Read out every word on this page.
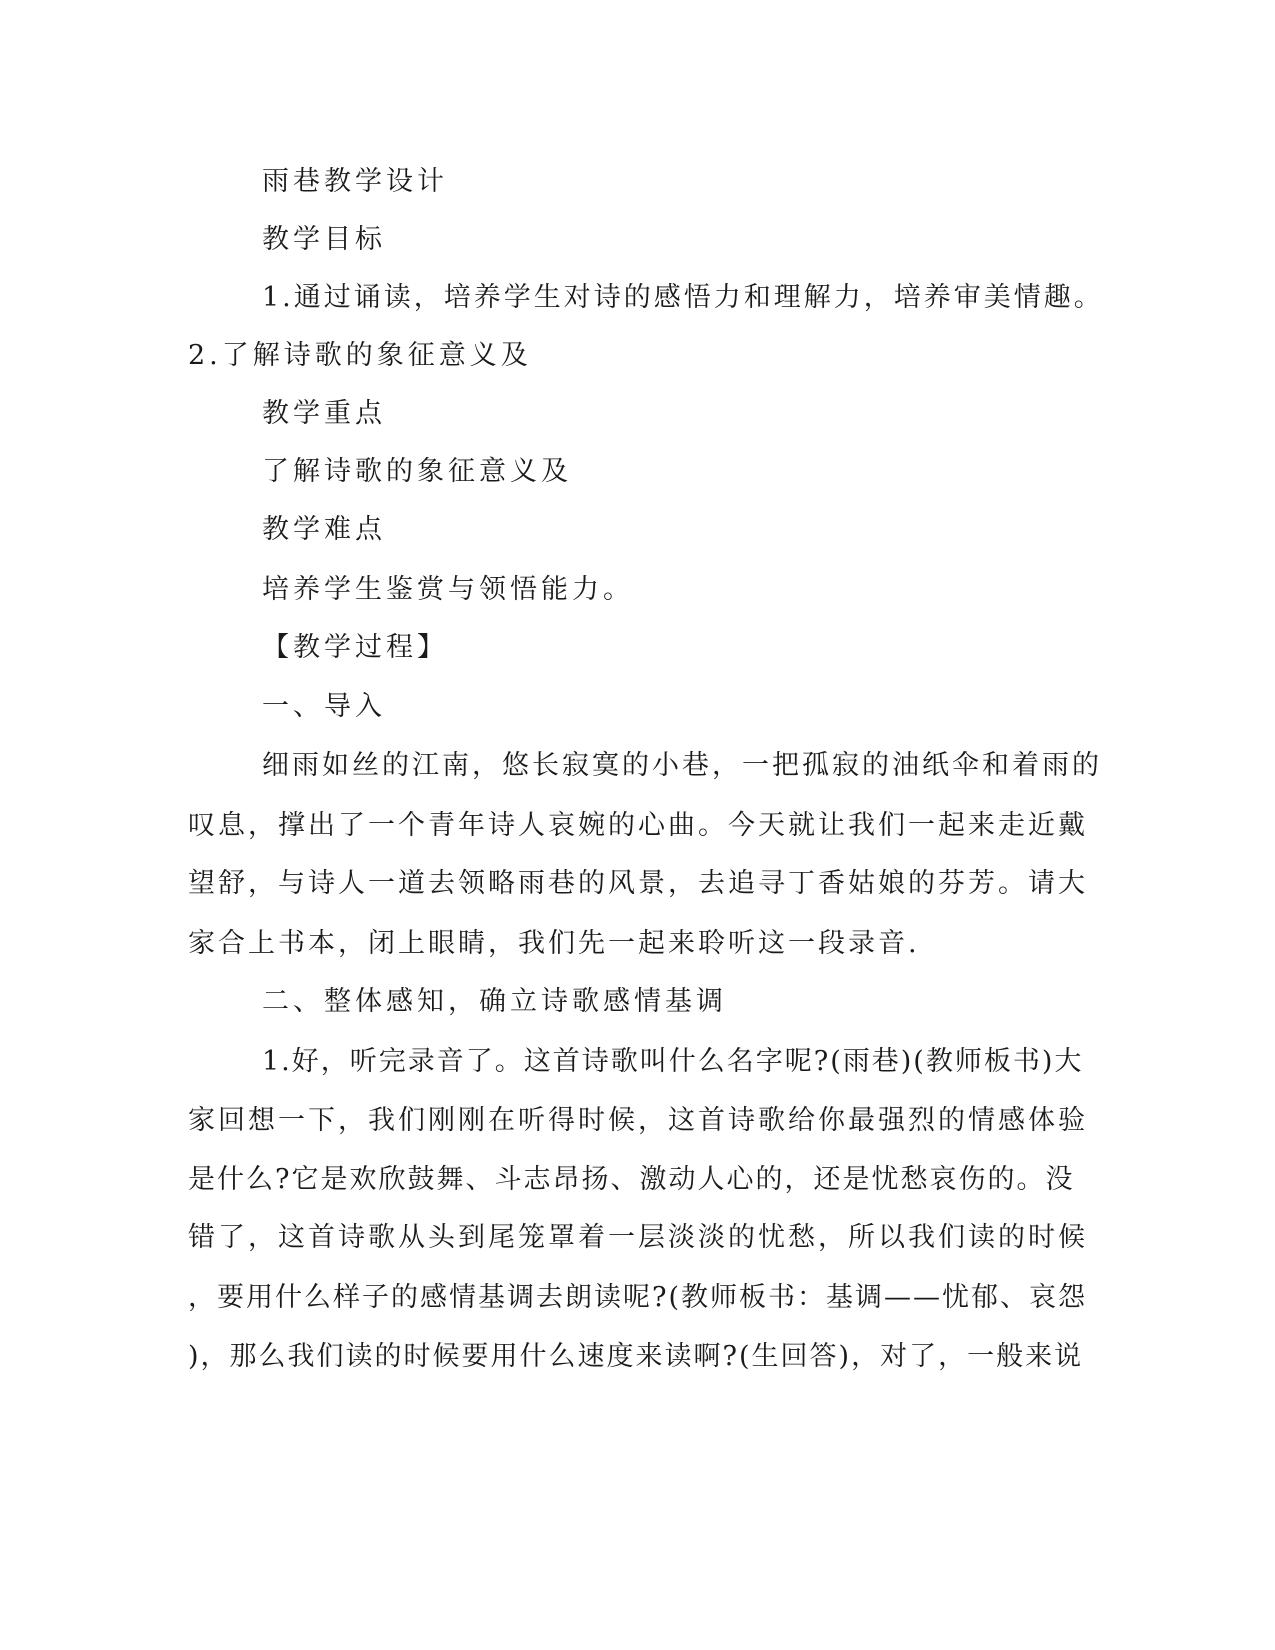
雨巷教学设计
教学目标
1.通过诵读，培养学生对诗的感悟力和理解力，培养审美情趣。
2.了解诗歌的象征意义及
教学重点
了解诗歌的象征意义及
教学难点
培养学生鉴赏与领悟能力。
【教学过程】
一、导入
细雨如丝的江南，悠长寂寞的小巷，一把孤寂的油纸伞和着雨的
叹息，撑出了一个青年诗人哀婉的心曲。今天就让我们一起来走近戴
望舒，与诗人一道去领略雨巷的风景，去追寻丁香姑娘的芬芳。请大
家合上书本，闭上眼睛，我们先一起来聆听这一段录音.
二、整体感知，确立诗歌感情基调
1.好，听完录音了。这首诗歌叫什么名字呢?(雨巷)(教师板书)大
家回想一下，我们刚刚在听得时候，这首诗歌给你最强烈的情感体验
是什么?它是欢欣鼓舞、斗志昂扬、激动人心的，还是忧愁哀伤的。没
错了，这首诗歌从头到尾笼罩着一层淡淡的忧愁，所以我们读的时候
，要用什么样子的感情基调去朗读呢?(教师板书：基调——忧郁、哀怨
)，那么我们读的时候要用什么速度来读啊?(生回答)，对了，一般来说
